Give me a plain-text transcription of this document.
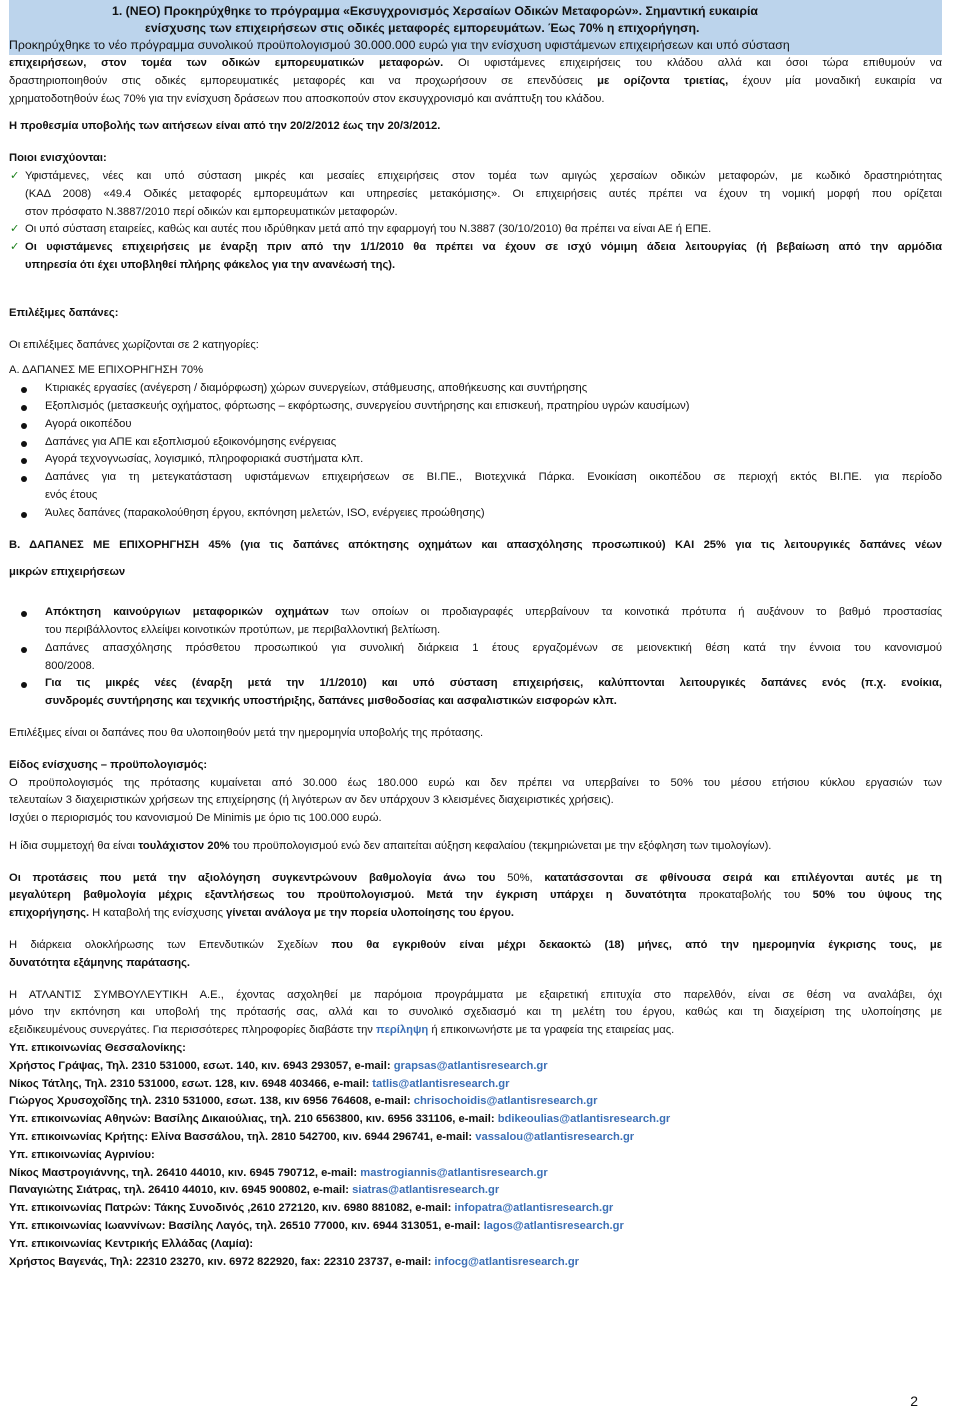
1. (ΝΕΟ) Προκηρύχθηκε το πρόγραμμα «Εκσυγχρονισμός Χερσαίων Οδικών Μεταφορών». Σημαντική ευκαιρία
ενίσχυσης των επιχειρήσεων στις οδικές μεταφορές εμπορευμάτων. Έως 70% η επιχορήγηση.
Προκηρύχθηκε το νέο πρόγραμμα συνολικού προϋπολογισμού 30.000.000 ευρώ για την ενίσχυση υφιστάμενων επιχειρήσεων και υπό σύσταση
επιχειρήσεων, στον τομέα των οδικών εμπορευματικών μεταφορών. Οι υφιστάμενες επιχειρήσεις του κλάδου αλλά και όσοι τώρα επιθυμούν να
δραστηριοποιηθούν στις οδικές εμπορευματικές μεταφορές και να προχωρήσουν σε επενδύσεις με ορίζοντα τριετίας, έχουν μία μοναδική ευκαιρία να
χρηματοδοτηθούν έως 70% για την ενίσχυση δράσεων που αποσκοπούν στον εκσυγχρονισμό και ανάπτυξη του κλάδου.
Η προθεσμία υποβολής των αιτήσεων είναι από την 20/2/2012 έως την 20/3/2012.
Ποιοι ενισχύονται:
✓ Υφιστάμενες, νέες και υπό σύσταση μικρές και μεσαίες επιχειρήσεις στον τομέα των αμιγώς χερσαίων οδικών μεταφορών, με κωδικό δραστηριότητας
(ΚΑΔ 2008) «49.4 Οδικές μεταφορές εμπορευμάτων και υπηρεσίες μετακόμισης». Οι επιχειρήσεις αυτές πρέπει να έχουν τη νομική μορφή που ορίζεται
στον πρόσφατο Ν.3887/2010 περί οδικών και εμπορευματικών μεταφορών.
✓ Οι υπό σύσταση εταιρείες, καθώς και αυτές που ιδρύθηκαν μετά από την εφαρμογή του Ν.3887 (30/10/2010) θα πρέπει να είναι ΑΕ ή ΕΠΕ.
✓ Οι υφιστάμενες επιχειρήσεις με έναρξη πριν από την 1/1/2010 θα πρέπει να έχουν σε ισχύ νόμιμη άδεια λειτουργίας (ή βεβαίωση από την αρμόδια
υπηρεσία ότι έχει υποβληθεί πλήρης φάκελος για την ανανέωσή της).
Επιλέξιμες δαπάνες:
Οι επιλέξιμες δαπάνες χωρίζονται σε 2 κατηγορίες:
Α. ΔΑΠΑΝΕΣ ΜΕ ΕΠΙΧΟΡΗΓΗΣΗ 70%
Κτιριακές εργασίες (ανέγερση / διαμόρφωση) χώρων συνεργείων, στάθμευσης, αποθήκευσης και συντήρησης
Εξοπλισμός (μετασκευής οχήματος, φόρτωσης – εκφόρτωσης, συνεργείου συντήρησης και επισκευή, πρατηρίου υγρών καυσίμων)
Αγορά οικοπέδου
Δαπάνες για ΑΠΕ και εξοπλισμού εξοικονόμησης ενέργειας
Αγορά τεχνογνωσίας, λογισμικό, πληροφοριακά συστήματα κλπ.
Δαπάνες για τη μετεγκατάσταση υφιστάμενων επιχειρήσεων σε ΒΙ.ΠΕ., Βιοτεχνικά Πάρκα. Ενοικίαση οικοπέδου σε περιοχή εκτός ΒΙ.ΠΕ. για περίοδο
ενός έτους
Άυλες δαπάνες (παρακολούθηση έργου, εκπόνηση μελετών, ISO, ενέργειες προώθησης)
Β. ΔΑΠΑΝΕΣ ΜΕ ΕΠΙΧΟΡΗΓΗΣΗ 45% (για τις δαπάνες απόκτησης οχημάτων και απασχόλησης προσωπικού) ΚΑΙ 25% για τις λειτουργικές δαπάνες νέων
μικρών επιχειρήσεων
Απόκτηση καινούργιων μεταφορικών οχημάτων των οποίων οι προδιαγραφές υπερβαίνουν τα κοινοτικά πρότυπα ή αυξάνουν το βαθμό προστασίας
του περιβάλλοντος ελλείψει κοινοτικών προτύπων, με περιβαλλοντική βελτίωση.
Δαπάνες απασχόλησης πρόσθετου προσωπικού για συνολική διάρκεια 1 έτους εργαζομένων σε μειονεκτική θέση κατά την έννοια του κανονισμού
800/2008.
Για τις μικρές νέες (έναρξη μετά την 1/1/2010) και υπό σύσταση επιχειρήσεις, καλύπτονται λειτουργικές δαπάνες ενός (π.χ. ενοίκια,
συνδρομές συντήρησης και τεχνικής υποστήριξης, δαπάνες μισθοδοσίας και ασφαλιστικών εισφορών κλπ.
Επιλέξιμες είναι οι δαπάνες που θα υλοποιηθούν μετά την ημερομηνία υποβολής της πρότασης.
Είδος ενίσχυσης – προϋπολογισμός:
Ο προϋπολογισμός της πρότασης κυμαίνεται από 30.000 έως 180.000 ευρώ και δεν πρέπει να υπερβαίνει το 50% του μέσου ετήσιου κύκλου εργασιών των
τελευταίων 3 διαχειριστικών χρήσεων της επιχείρησης (ή λιγότερων αν δεν υπάρχουν 3 κλεισμένες διαχειριστικές χρήσεις).
Ισχύει ο περιορισμός του κανονισμού De Minimis με όριο τις 100.000 ευρώ.
Η ίδια συμμετοχή θα είναι τουλάχιστον 20% του προϋπολογισμού ενώ δεν απαιτείται αύξηση κεφαλαίου (τεκμηριώνεται με την εξόφληση των τιμολογίων).
Οι προτάσεις που μετά την αξιολόγηση συγκεντρώνουν βαθμολογία άνω του 50%, κατατάσσονται σε φθίνουσα σειρά και επιλέγονται αυτές με τη
μεγαλύτερη βαθμολογία μέχρις εξαντλήσεως του προϋπολογισμού. Μετά την έγκριση υπάρχει η δυνατότητα προκαταβολής του 50% του ύψους της
επιχορήγησης. Η καταβολή της ενίσχυσης γίνεται ανάλογα με την πορεία υλοποίησης του έργου.
Η διάρκεια ολοκλήρωσης των Επενδυτικών Σχεδίων που θα εγκριθούν είναι μέχρι δεκαοκτώ (18) μήνες, από την ημερομηνία έγκρισης τους, με
δυνατότητα εξάμηνης παράτασης.
Η ΑΤΛΑΝΤΙΣ ΣΥΜΒΟΥΛΕΥΤΙΚΗ Α.Ε., έχοντας ασχοληθεί με παρόμοια προγράμματα με εξαιρετική επιτυχία στο παρελθόν, είναι σε θέση να αναλάβει, όχι
μόνο την εκπόνηση και υποβολή της πρότασής σας, αλλά και το συνολικό σχεδιασμό και τη μελέτη του έργου, καθώς και τη διαχείριση της υλοποίησης με
εξειδικευμένους συνεργάτες. Για περισσότερες πληροφορίες διαβάστε την περίληψη ή επικοινωνήστε με τα γραφεία της εταιρείας μας.
Υπ. επικοινωνίας Θεσσαλονίκης:
Χρήστος Γράψας, Τηλ. 2310 531000, εσωτ. 140, κιν. 6943 293057, e-mail: grapsas@atlantisresearch.gr
Νίκος Τάτλης, Τηλ. 2310 531000, εσωτ. 128, κιν. 6948 403466, e-mail: tatlis@atlantisresearch.gr
Γιώργος Χρυσοχοΐδης τηλ. 2310 531000, εσωτ. 138, κιν 6956 764608, e-mail: chrisochoidis@atlantisresearch.gr
Υπ. επικοινωνίας Αθηνών: Βασίλης Δικαιούλιας, τηλ. 210 6563800, κιν. 6956 331106, e-mail: bdikeoulias@atlantisresearch.gr
Υπ. επικοινωνίας Κρήτης: Ελίνα Βασσάλου, τηλ. 2810 542700, κιν. 6944 296741, e-mail: vassalou@atlantisresearch.gr
Υπ. επικοινωνίας Αγρινίου:
Νίκος Μαστρογιάννης, τηλ. 26410 44010, κιν. 6945 790712, e-mail: mastrogiannis@atlantisresearch.gr
Παναγιώτης Σιάτρας, τηλ. 26410 44010, κιν. 6945 900802, e-mail: siatras@atlantisresearch.gr
Υπ. επικοινωνίας Πατρών: Τάκης Συνοδινός ,2610 272120, κιν. 6980 881082, e-mail: infopatra@atlantisresearch.gr
Υπ. επικοινωνίας Ιωαννίνων: Βασίλης Λαγός, τηλ. 26510 77000, κιν. 6944 313051, e-mail: lagos@atlantisresearch.gr
Υπ. επικοινωνίας Κεντρικής Ελλάδας (Λαμία):
Χρήστος Βαγενάς, Τηλ: 22310 23270, κιν. 6972 822920, fax: 22310 23737, e-mail: infocg@atlantisresearch.gr
2
